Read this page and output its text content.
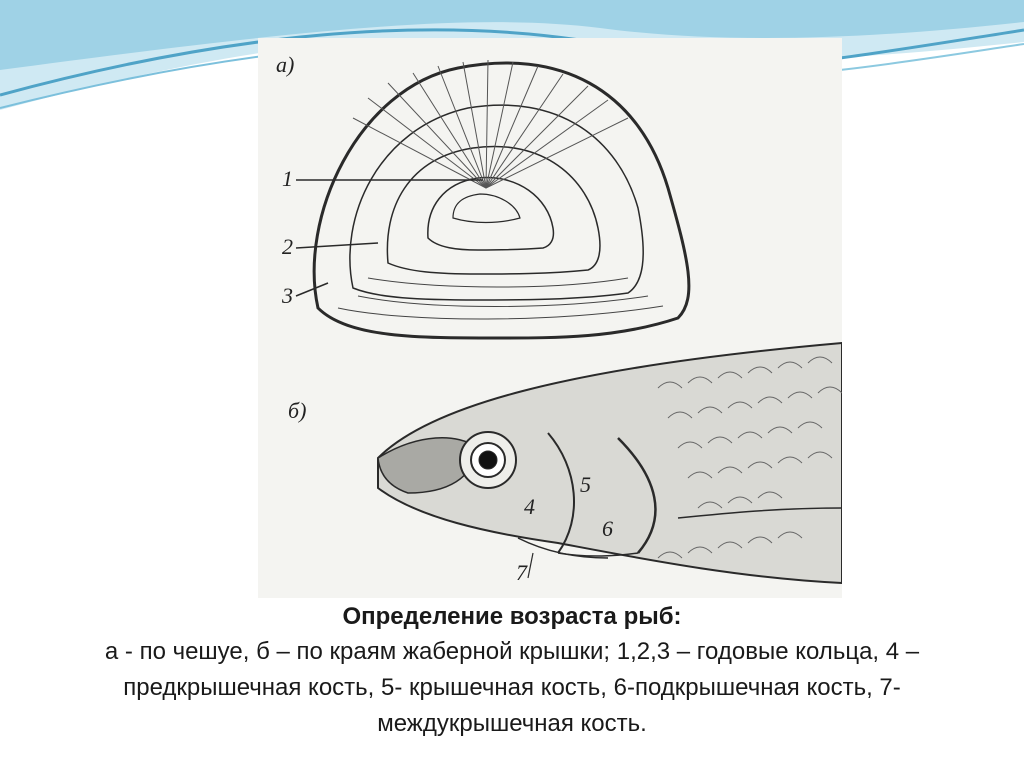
а)
б)
1
2
3
4
5
6
7
Определение возраста рыб:
а - по чешуе, б – по краям жаберной крышки; 1,2,3 – годовые кольца, 4 – предкрышечная кость, 5- крышечная кость, 6-подкрышечная кость, 7-междукрышечная кость.
